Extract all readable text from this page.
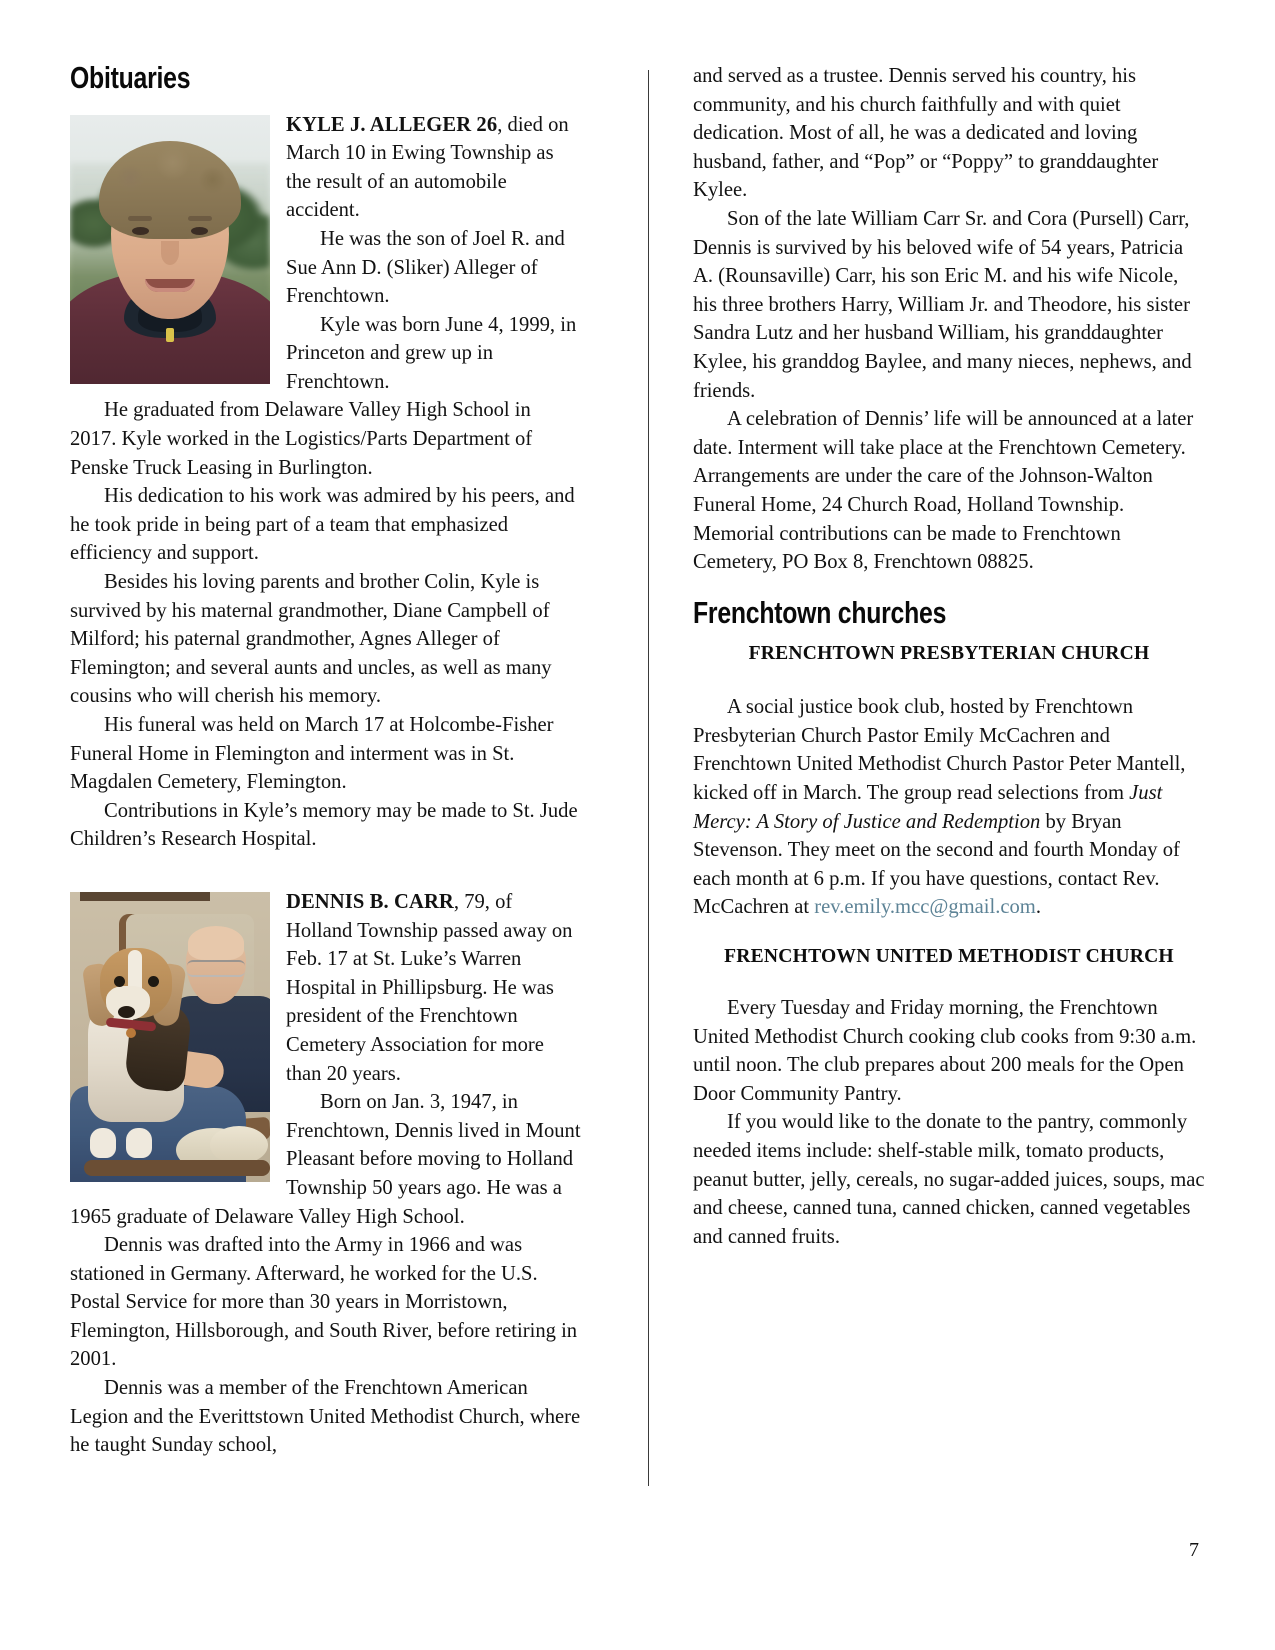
Obituaries

KYLE J. ALLEGER 26, died on March 10 in Ewing Township as the result of an automobile accident.

He was the son of Joel R. and Sue Ann D. (Sliker) Alleger of Frenchtown.

Kyle was born June 4, 1999, in Princeton and grew up in Frenchtown.

He graduated from Delaware Valley High School in 2017. Kyle worked in the Logistics/Parts Department of Penske Truck Leasing in Burlington.

His dedication to his work was admired by his peers, and he took pride in being part of a team that emphasized efficiency and support.

Besides his loving parents and brother Colin, Kyle is survived by his maternal grandmother, Diane Campbell of Milford; his paternal grandmother, Agnes Alleger of Flemington; and several aunts and uncles, as well as many cousins who will cherish his memory.

His funeral was held on March 17 at Holcombe-Fisher Funeral Home in Flemington and interment was in St. Magdalen Cemetery, Flemington.

Contributions in Kyle’s memory may be made to St. Jude Children’s Research Hospital.

DENNIS B. CARR, 79, of Holland Township passed away on Feb. 17 at St. Luke’s Warren Hospital in Phillipsburg. He was president of the Frenchtown Cemetery Association for more than 20 years.

Born on Jan. 3, 1947, in Frenchtown, Dennis lived in Mount Pleasant before moving to Holland Township 50 years ago. He was a 1965 graduate of Delaware Valley High School.

Dennis was drafted into the Army in 1966 and was stationed in Germany. Afterward, he worked for the U.S. Postal Service for more than 30 years in Morristown, Flemington, Hillsborough, and South River, before retiring in 2001.

Dennis was a member of the Frenchtown American Legion and the Everittstown United Methodist Church, where he taught Sunday school,

and served as a trustee. Dennis served his country, his community, and his church faithfully and with quiet dedication. Most of all, he was a dedicated and loving husband, father, and “Pop” or “Poppy” to granddaughter Kylee.

Son of the late William Carr Sr. and Cora (Pursell) Carr, Dennis is survived by his beloved wife of 54 years, Patricia A. (Rounsaville) Carr, his son Eric M. and his wife Nicole, his three brothers Harry, William Jr. and Theodore, his sister Sandra Lutz and her husband William, his granddaughter Kylee, his granddog Baylee, and many nieces, nephews, and friends.

A celebration of Dennis’ life will be announced at a later date. Interment will take place at the Frenchtown Cemetery. Arrangements are under the care of the Johnson-Walton Funeral Home, 24 Church Road, Holland Township. Memorial contributions can be made to Frenchtown Cemetery, PO Box 8, Frenchtown 08825.

Frenchtown churches
FRENCHTOWN PRESBYTERIAN CHURCH

A social justice book club, hosted by Frenchtown Presbyterian Church Pastor Emily McCachren and Frenchtown United Methodist Church Pastor Peter Mantell, kicked off in March. The group read selections from Just Mercy: A Story of Justice and Redemption by Bryan Stevenson. They meet on the second and fourth Monday of each month at 6 p.m. If you have questions, contact Rev. McCachren at rev.emily.mcc@gmail.com.

FRENCHTOWN UNITED METHODIST CHURCH

Every Tuesday and Friday morning, the Frenchtown United Methodist Church cooking club cooks from 9:30 a.m. until noon. The club prepares about 200 meals for the Open Door Community Pantry.

If you would like to the donate to the pantry, commonly needed items include: shelf-stable milk, tomato products, peanut butter, jelly, cereals, no sugar-added juices, soups, mac and cheese, canned tuna, canned chicken, canned vegetables and canned fruits.

7
